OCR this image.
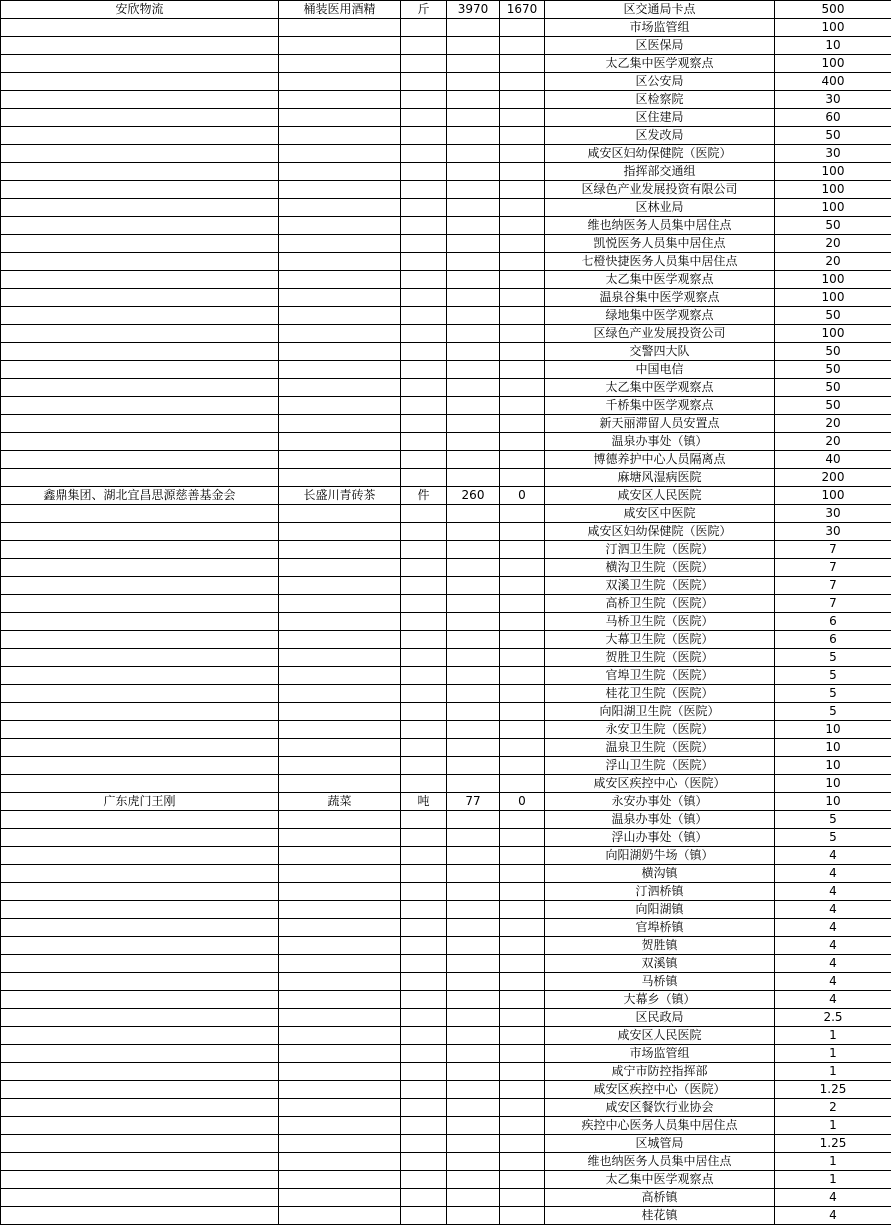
安欣物流	桶装医用酒精	斤	3970	1670	区交通局卡点	500
					市场监管组	100
					区医保局	10
					太乙集中医学观察点	100
					区公安局	400
					区检察院	30
					区住建局	60
					区发改局	50
					咸安区妇幼保健院（医院）	30
					指挥部交通组	100
					区绿色产业发展投资有限公司	100
					区林业局	100
					维也纳医务人员集中居住点	50
					凯悦医务人员集中居住点	20
					七橙快捷医务人员集中居住点	20
					太乙集中医学观察点	100
					温泉谷集中医学观察点	100
					绿地集中医学观察点	50
					区绿色产业发展投资公司	100
					交警四大队	50
					中国电信	50
					太乙集中医学观察点	50
					千桥集中医学观察点	50
					新天丽滞留人员安置点	20
					温泉办事处（镇）	20
					博德养护中心人员隔离点	40
					麻塘风湿病医院	200
鑫鼎集团、湖北宜昌思源慈善基金会	长盛川青砖茶	件	260	0	咸安区人民医院	100
					咸安区中医院	30
					咸安区妇幼保健院（医院）	30
					汀泗卫生院（医院）	7
					横沟卫生院（医院）	7
					双溪卫生院（医院）	7
					高桥卫生院（医院）	7
					马桥卫生院（医院）	6
					大幕卫生院（医院）	6
					贺胜卫生院（医院）	5
					官埠卫生院（医院）	5
					桂花卫生院（医院）	5
					向阳湖卫生院（医院）	5
					永安卫生院（医院）	10
					温泉卫生院（医院）	10
					浮山卫生院（医院）	10
					咸安区疾控中心（医院）	10
广东虎门王刚	蔬菜	吨	77	0	永安办事处（镇）	10
					温泉办事处（镇）	5
					浮山办事处（镇）	5
					向阳湖奶牛场（镇）	4
					横沟镇	4
					汀泗桥镇	4
					向阳湖镇	4
					官埠桥镇	4
					贺胜镇	4
					双溪镇	4
					马桥镇	4
					大幕乡（镇）	4
					区民政局	2.5
					咸安区人民医院	1
					市场监管组	1
					咸宁市防控指挥部	1
					咸安区疾控中心（医院）	1.25
					咸安区餐饮行业协会	2
					疾控中心医务人员集中居住点	1
					区城管局	1.25
					维也纳医务人员集中居住点	1
					太乙集中医学观察点	1
					高桥镇	4
					桂花镇	4
